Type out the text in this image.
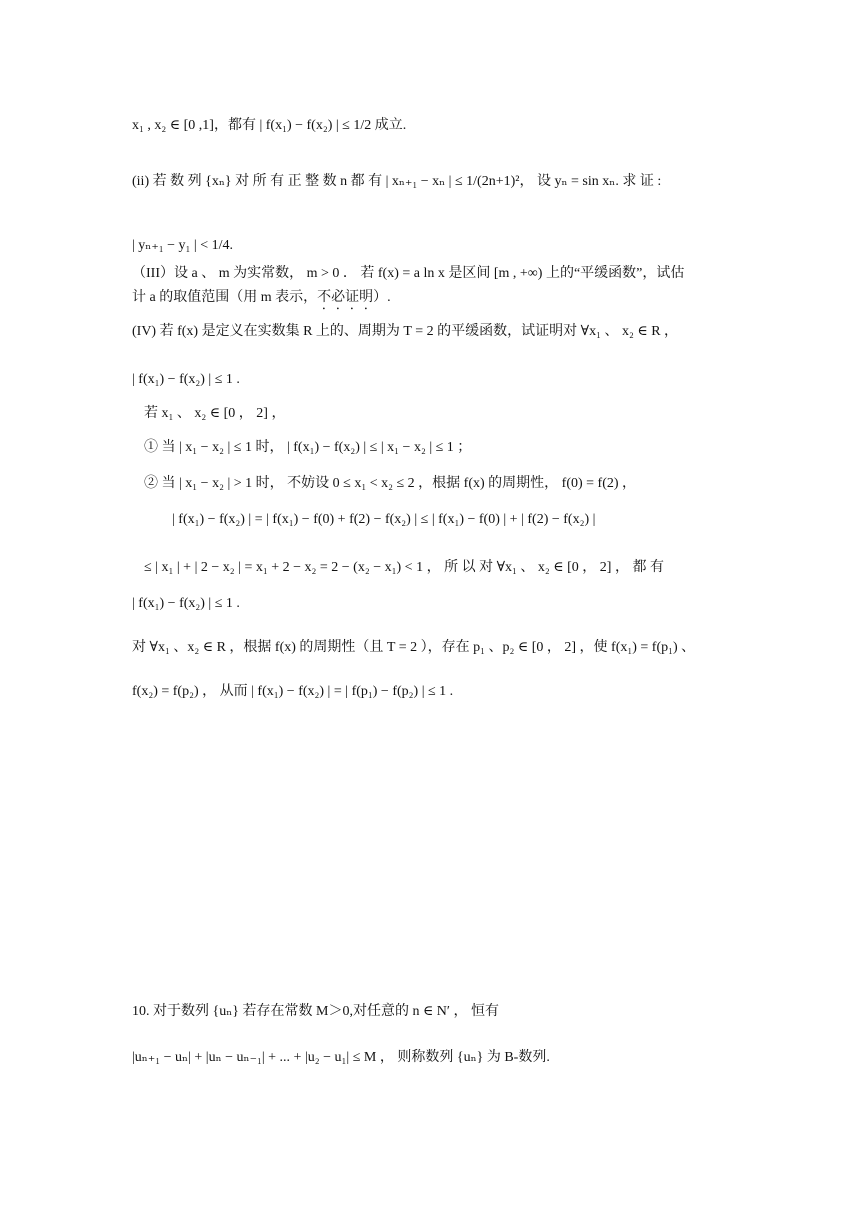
x₁ , x₂ ∈ [0 ,1]，都有 | f(x₁) − f(x₂) | ≤ 1/2 成立.
(ii) 若 数 列 {xₙ} 对 所 有 正 整 数 n 都 有 | xₙ₊₁ − xₙ | ≤ 1/(2n+1)²， 设 yₙ = sin xₙ. 求 证 :
| yₙ₊₁ − y₁ | < 1/4.
（III）设 a 、 m 为实常数， m > 0 ． 若 f(x) = a ln x 是区间 [m , +∞) 上的“平缓函数”，试估
计 a 的取值范围（用 m 表示，不必证明）.
(IV) 若 f(x) 是定义在实数集 R 上的、周期为 T = 2 的平缓函数，试证明对 ∀x₁ 、 x₂ ∈ R ，
| f(x₁) − f(x₂) | ≤ 1 .
若 x₁ 、 x₂ ∈ [0 ， 2] ，
① 当 | x₁ − x₂ | ≤ 1 时， | f(x₁) − f(x₂) | ≤ | x₁ − x₂ | ≤ 1 ；
② 当 | x₁ − x₂ | > 1 时， 不妨设 0 ≤ x₁ < x₂ ≤ 2 ，根据 f(x) 的周期性， f(0) = f(2) ，
| f(x₁) − f(x₂) | = | f(x₁) − f(0) + f(2) − f(x₂) | ≤ | f(x₁) − f(0) | + | f(2) − f(x₂) |
≤ | x₁ | + | 2 − x₂ | = x₁ + 2 − x₂ = 2 − (x₂ − x₁) < 1 ， 所 以 对 ∀x₁ 、 x₂ ∈ [0 ， 2] ， 都 有
| f(x₁) − f(x₂) | ≤ 1 .
对 ∀x₁ 、x₂ ∈ R ，根据 f(x) 的周期性（且 T = 2 ），存在 p₁ 、p₂ ∈ [0 ， 2] ，使 f(x₁) = f(p₁) 、
f(x₂) = f(p₂) ， 从而 | f(x₁) − f(x₂) | = | f(p₁) − f(p₂) | ≤ 1 .
10. 对于数列 {uₙ} 若存在常数 M＞0,对任意的 n ∈ N′ ， 恒有
|uₙ₊₁ − uₙ| + |uₙ − uₙ₋₁| + ... + |u₂ − u₁| ≤ M ， 则称数列 {uₙ} 为 B-数列.
